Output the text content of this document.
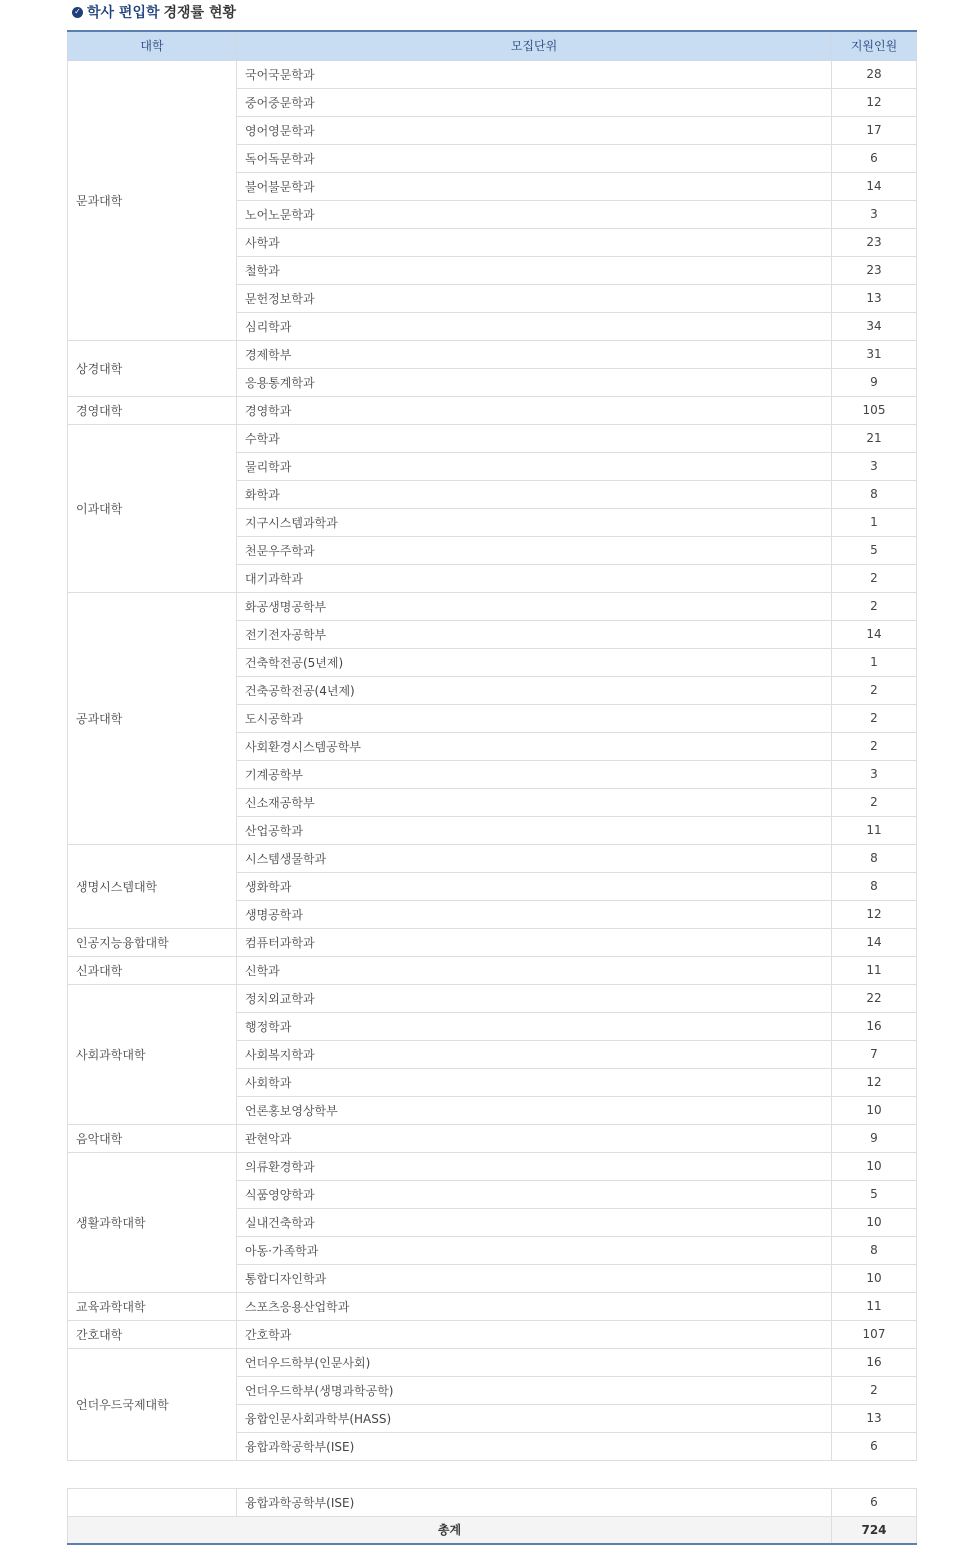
✓ 학사 편입학 경쟁률 현황
대학	모집단위	지원인원
문과대학	국어국문학과	28
	중어중문학과	12
	영어영문학과	17
	독어독문학과	6
	불어불문학과	14
	노어노문학과	3
	사학과	23
	철학과	23
	문헌정보학과	13
	심리학과	34
상경대학	경제학부	31
	응용통계학과	9
경영대학	경영학과	105
이과대학	수학과	21
	물리학과	3
	화학과	8
	지구시스템과학과	1
	천문우주학과	5
	대기과학과	2
공과대학	화공생명공학부	2
	전기전자공학부	14
	건축학전공(5년제)	1
	건축공학전공(4년제)	2
	도시공학과	2
	사회환경시스템공학부	2
	기계공학부	3
	신소재공학부	2
	산업공학과	11
생명시스템대학	시스템생물학과	8
	생화학과	8
	생명공학과	12
인공지능융합대학	컴퓨터과학과	14
신과대학	신학과	11
사회과학대학	정치외교학과	22
	행정학과	16
	사회복지학과	7
	사회학과	12
	언론홍보영상학부	10
음악대학	관현악과	9
생활과학대학	의류환경학과	10
	식품영양학과	5
	실내건축학과	10
	아동·가족학과	8
	통합디자인학과	10
교육과학대학	스포츠응용산업학과	11
간호대학	간호학과	107
언더우드국제대학	언더우드학부(인문사회)	16
	언더우드학부(생명과학공학)	2
	융합인문사회과학부(HASS)	13
	융합과학공학부(ISE)	6

	융합과학공학부(ISE)	6
총계		724
